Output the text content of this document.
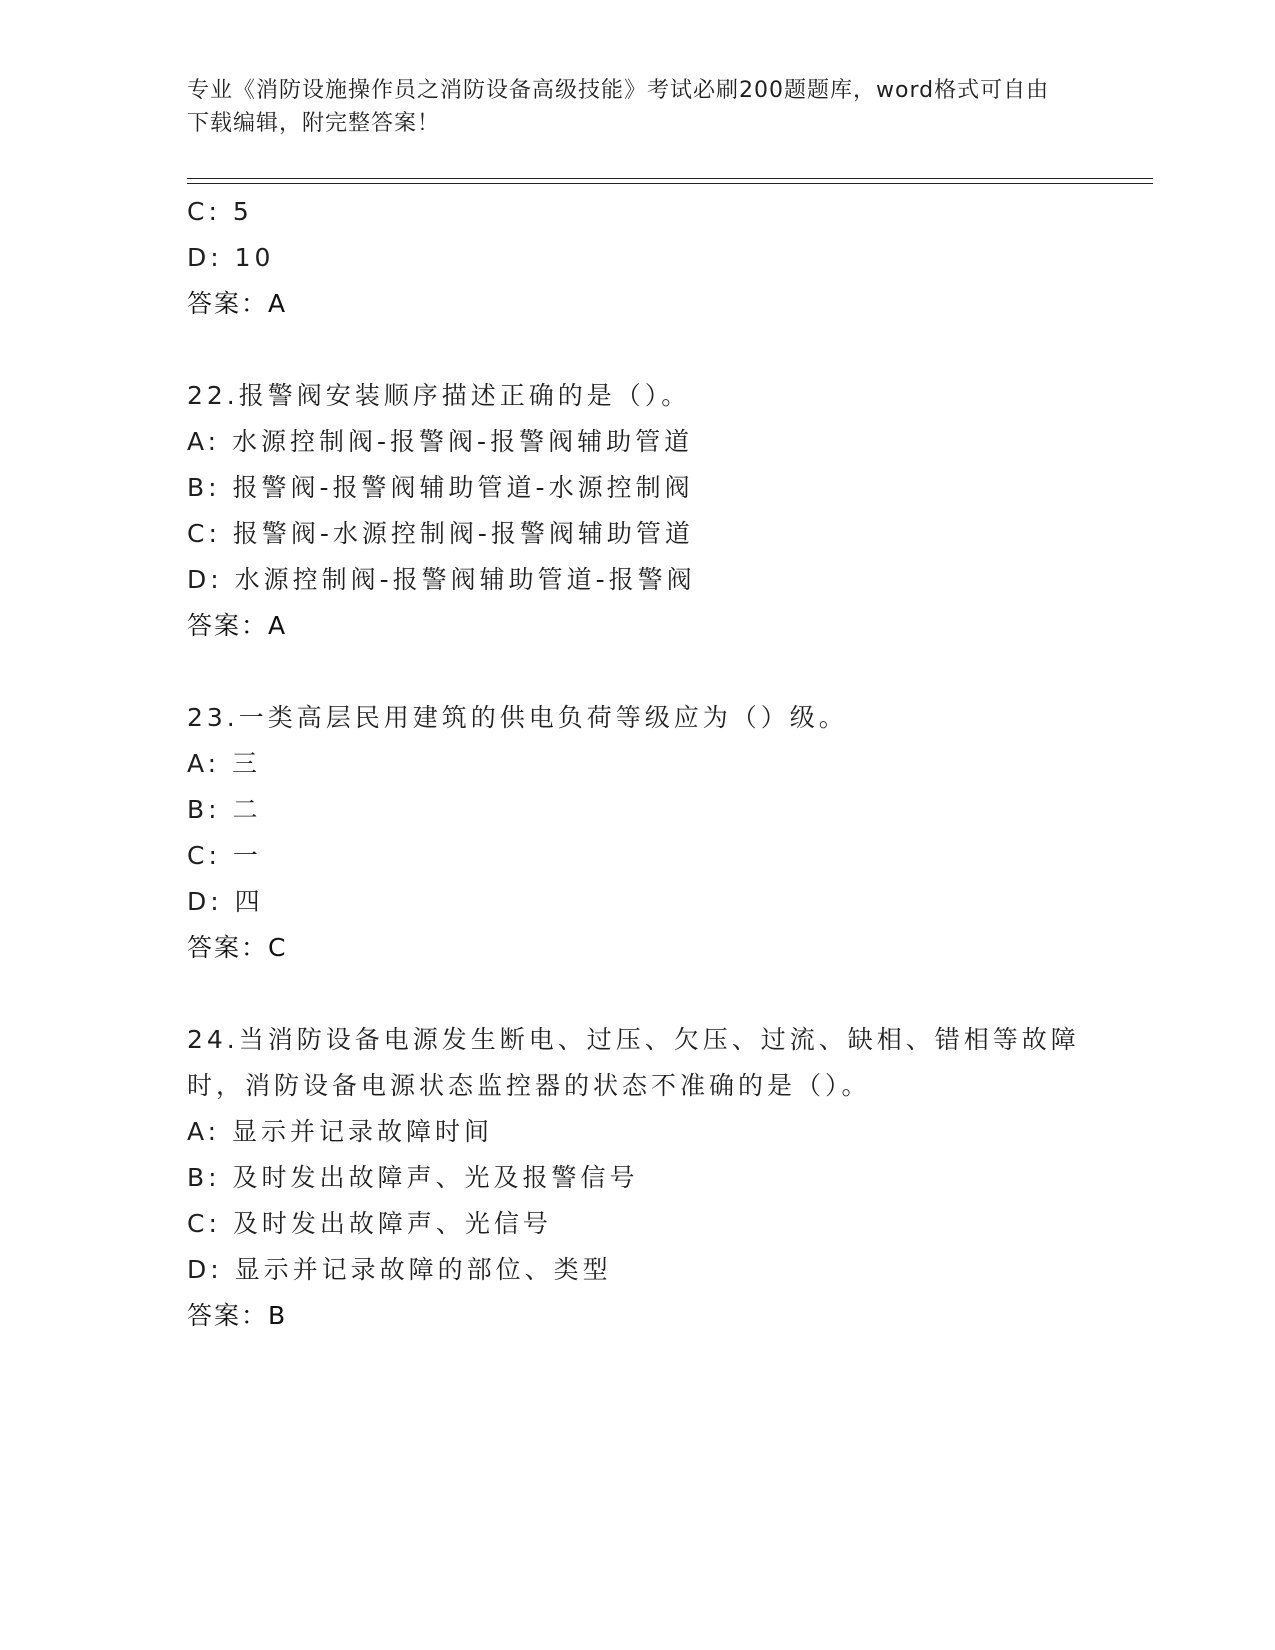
专业《消防设施操作员之消防设备高级技能》考试必刷200题题库，word格式可自由下载编辑，附完整答案！
C: 5
D: 10
答案：A
22.报警阀安装顺序描述正确的是（）。
A: 水源控制阀-报警阀-报警阀辅助管道
B: 报警阀-报警阀辅助管道-水源控制阀
C: 报警阀-水源控制阀-报警阀辅助管道
D: 水源控制阀-报警阀辅助管道-报警阀
答案：A
23.一类高层民用建筑的供电负荷等级应为（）级。
A: 三
B: 二
C: 一
D: 四
答案：C
24.当消防设备电源发生断电、过压、欠压、过流、缺相、错相等故障时，消防设备电源状态监控器的状态不准确的是（）。
A: 显示并记录故障时间
B: 及时发出故障声、光及报警信号
C: 及时发出故障声、光信号
D: 显示并记录故障的部位、类型
答案：B
